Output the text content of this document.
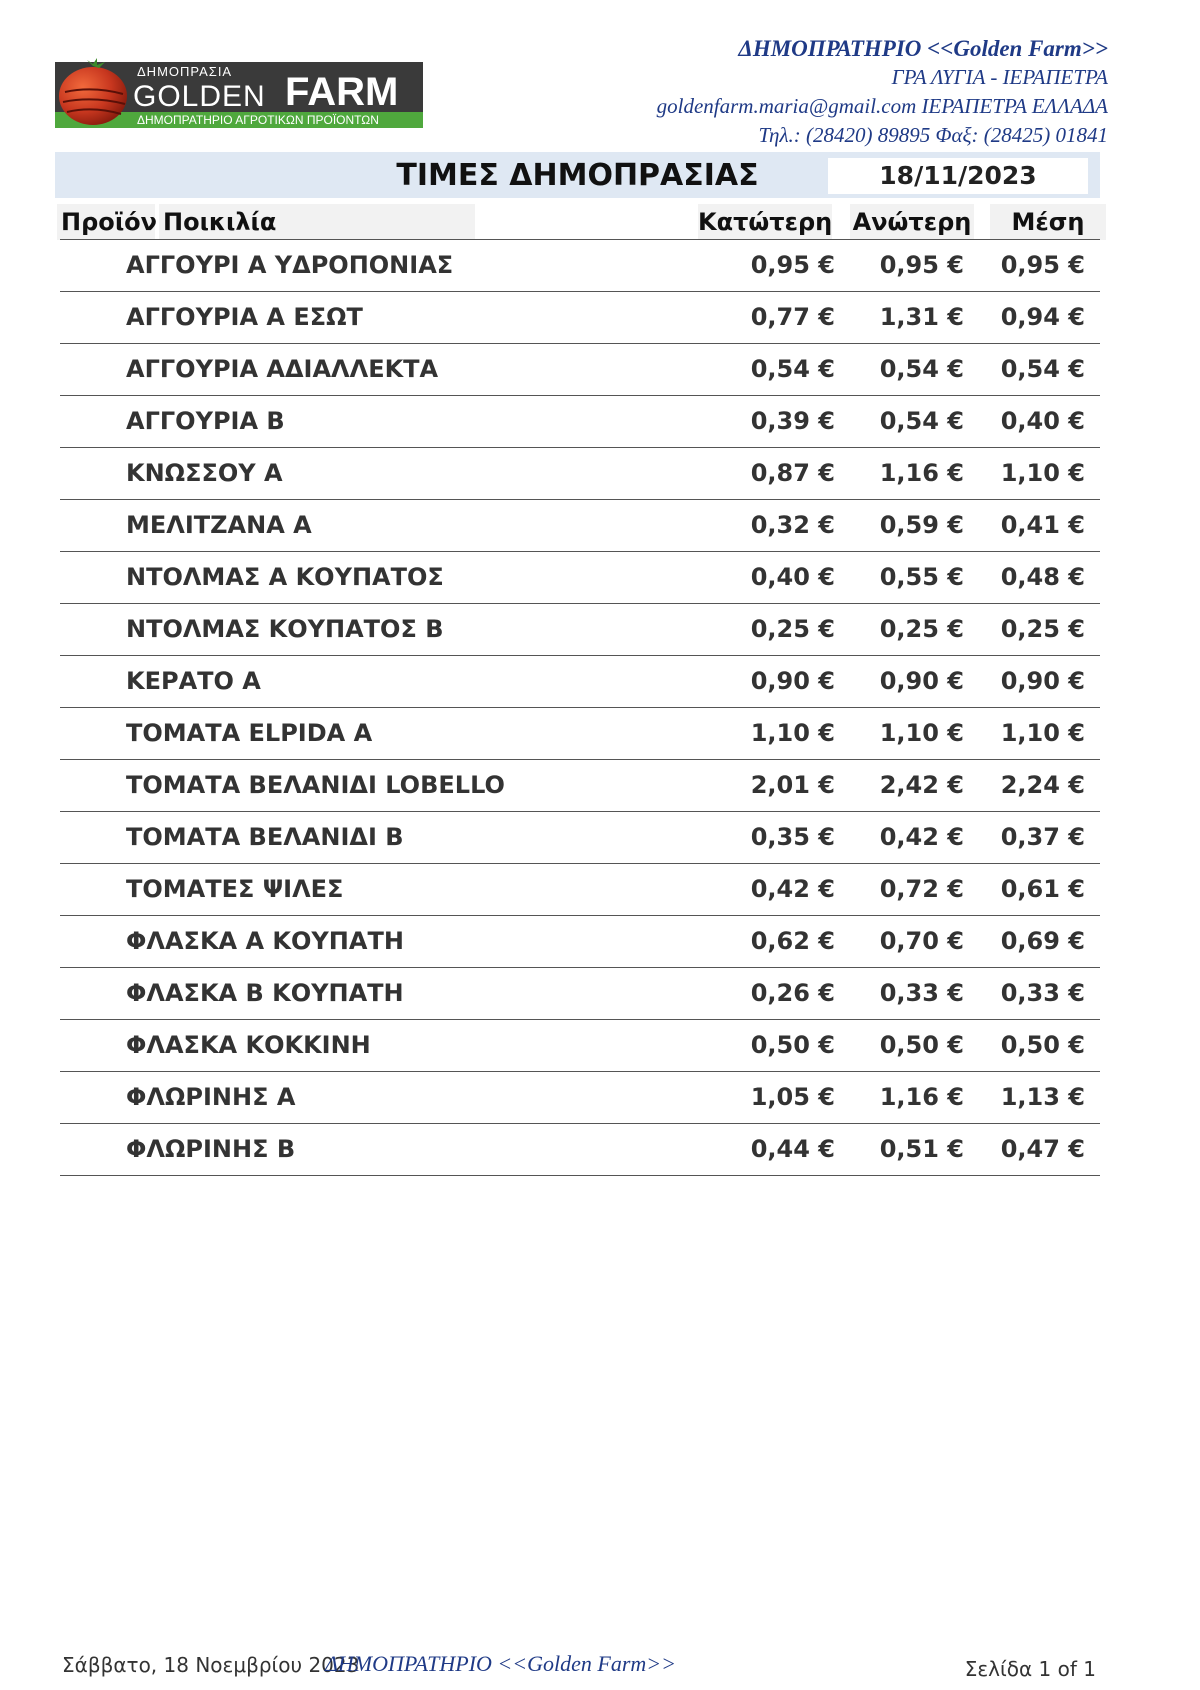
ΔΗΜΟΠΡΑΣΙΑ
GOLDEN FARM
ΔΗΜΟΠΡΑΤΗΡΙΟ ΑΓΡΟΤΙΚΩΝ ΠΡΟΪΟΝΤΩΝ
ΔΗΜΟΠΡΑΤΗΡΙΟ <<Golden Farm>>
ΓΡΑ ΛΥΓΙΑ - ΙΕΡΑΠΕΤΡΑ
goldenfarm.maria@gmail.com ΙΕΡΑΠΕΤΡΑ ΕΛΛΑΔΑ
Τηλ.: (28420) 89895 Φαξ: (28425) 01841
ΤΙΜΕΣ ΔΗΜΟΠΡΑΣΙΑΣ	18/11/2023
Προϊόν Ποικιλία	Κατώτερη Ανώτερη	Μέση
ΑΓΓΟΥΡΙ Α ΥΔΡΟΠΟΝΙΑΣ	0,95 € 0,95 € 0,95 €
ΑΓΓΟΥΡΙΑ Α ΕΣΩΤ	0,77 € 1,31 € 0,94 €
ΑΓΓΟΥΡΙΑ ΑΔΙΑΛΛΕΚΤΑ	0,54 € 0,54 € 0,54 €
ΑΓΓΟΥΡΙΑ Β	0,39 € 0,54 € 0,40 €
ΚΝΩΣΣΟΥ Α	0,87 € 1,16 € 1,10 €
ΜΕΛΙΤΖΑΝΑ Α	0,32 € 0,59 € 0,41 €
ΝΤΟΛΜΑΣ Α ΚΟΥΠΑΤΟΣ	0,40 € 0,55 € 0,48 €
ΝΤΟΛΜΑΣ ΚΟΥΠΑΤΟΣ Β	0,25 € 0,25 € 0,25 €
ΚΕΡΑΤΟ Α	0,90 € 0,90 € 0,90 €
ΤΟΜΑΤΑ ELPIDA A	1,10 € 1,10 € 1,10 €
ΤΟΜΑΤΑ ΒΕΛΑΝΙΔΙ LOBELLO	2,01 € 2,42 € 2,24 €
ΤΟΜΑΤΑ ΒΕΛΑΝΙΔΙ Β	0,35 € 0,42 € 0,37 €
ΤΟΜΑΤΕΣ ΨΙΛΕΣ	0,42 € 0,72 € 0,61 €
ΦΛΑΣΚΑ Α ΚΟΥΠΑΤΗ	0,62 € 0,70 € 0,69 €
ΦΛΑΣΚΑ Β ΚΟΥΠΑΤΗ	0,26 € 0,33 € 0,33 €
ΦΛΑΣΚΑ ΚΟΚΚΙΝΗ	0,50 € 0,50 € 0,50 €
ΦΛΩΡΙΝΗΣ Α	1,05 € 1,16 € 1,13 €
ΦΛΩΡΙΝΗΣ Β	0,44 € 0,51 € 0,47 €
Σάββατο, 18 Νοεμβρίου 2023
ΔΗΜΟΠΡΑΤΗΡΙΟ <<Golden Farm>>	Σελίδα 1 of 1
